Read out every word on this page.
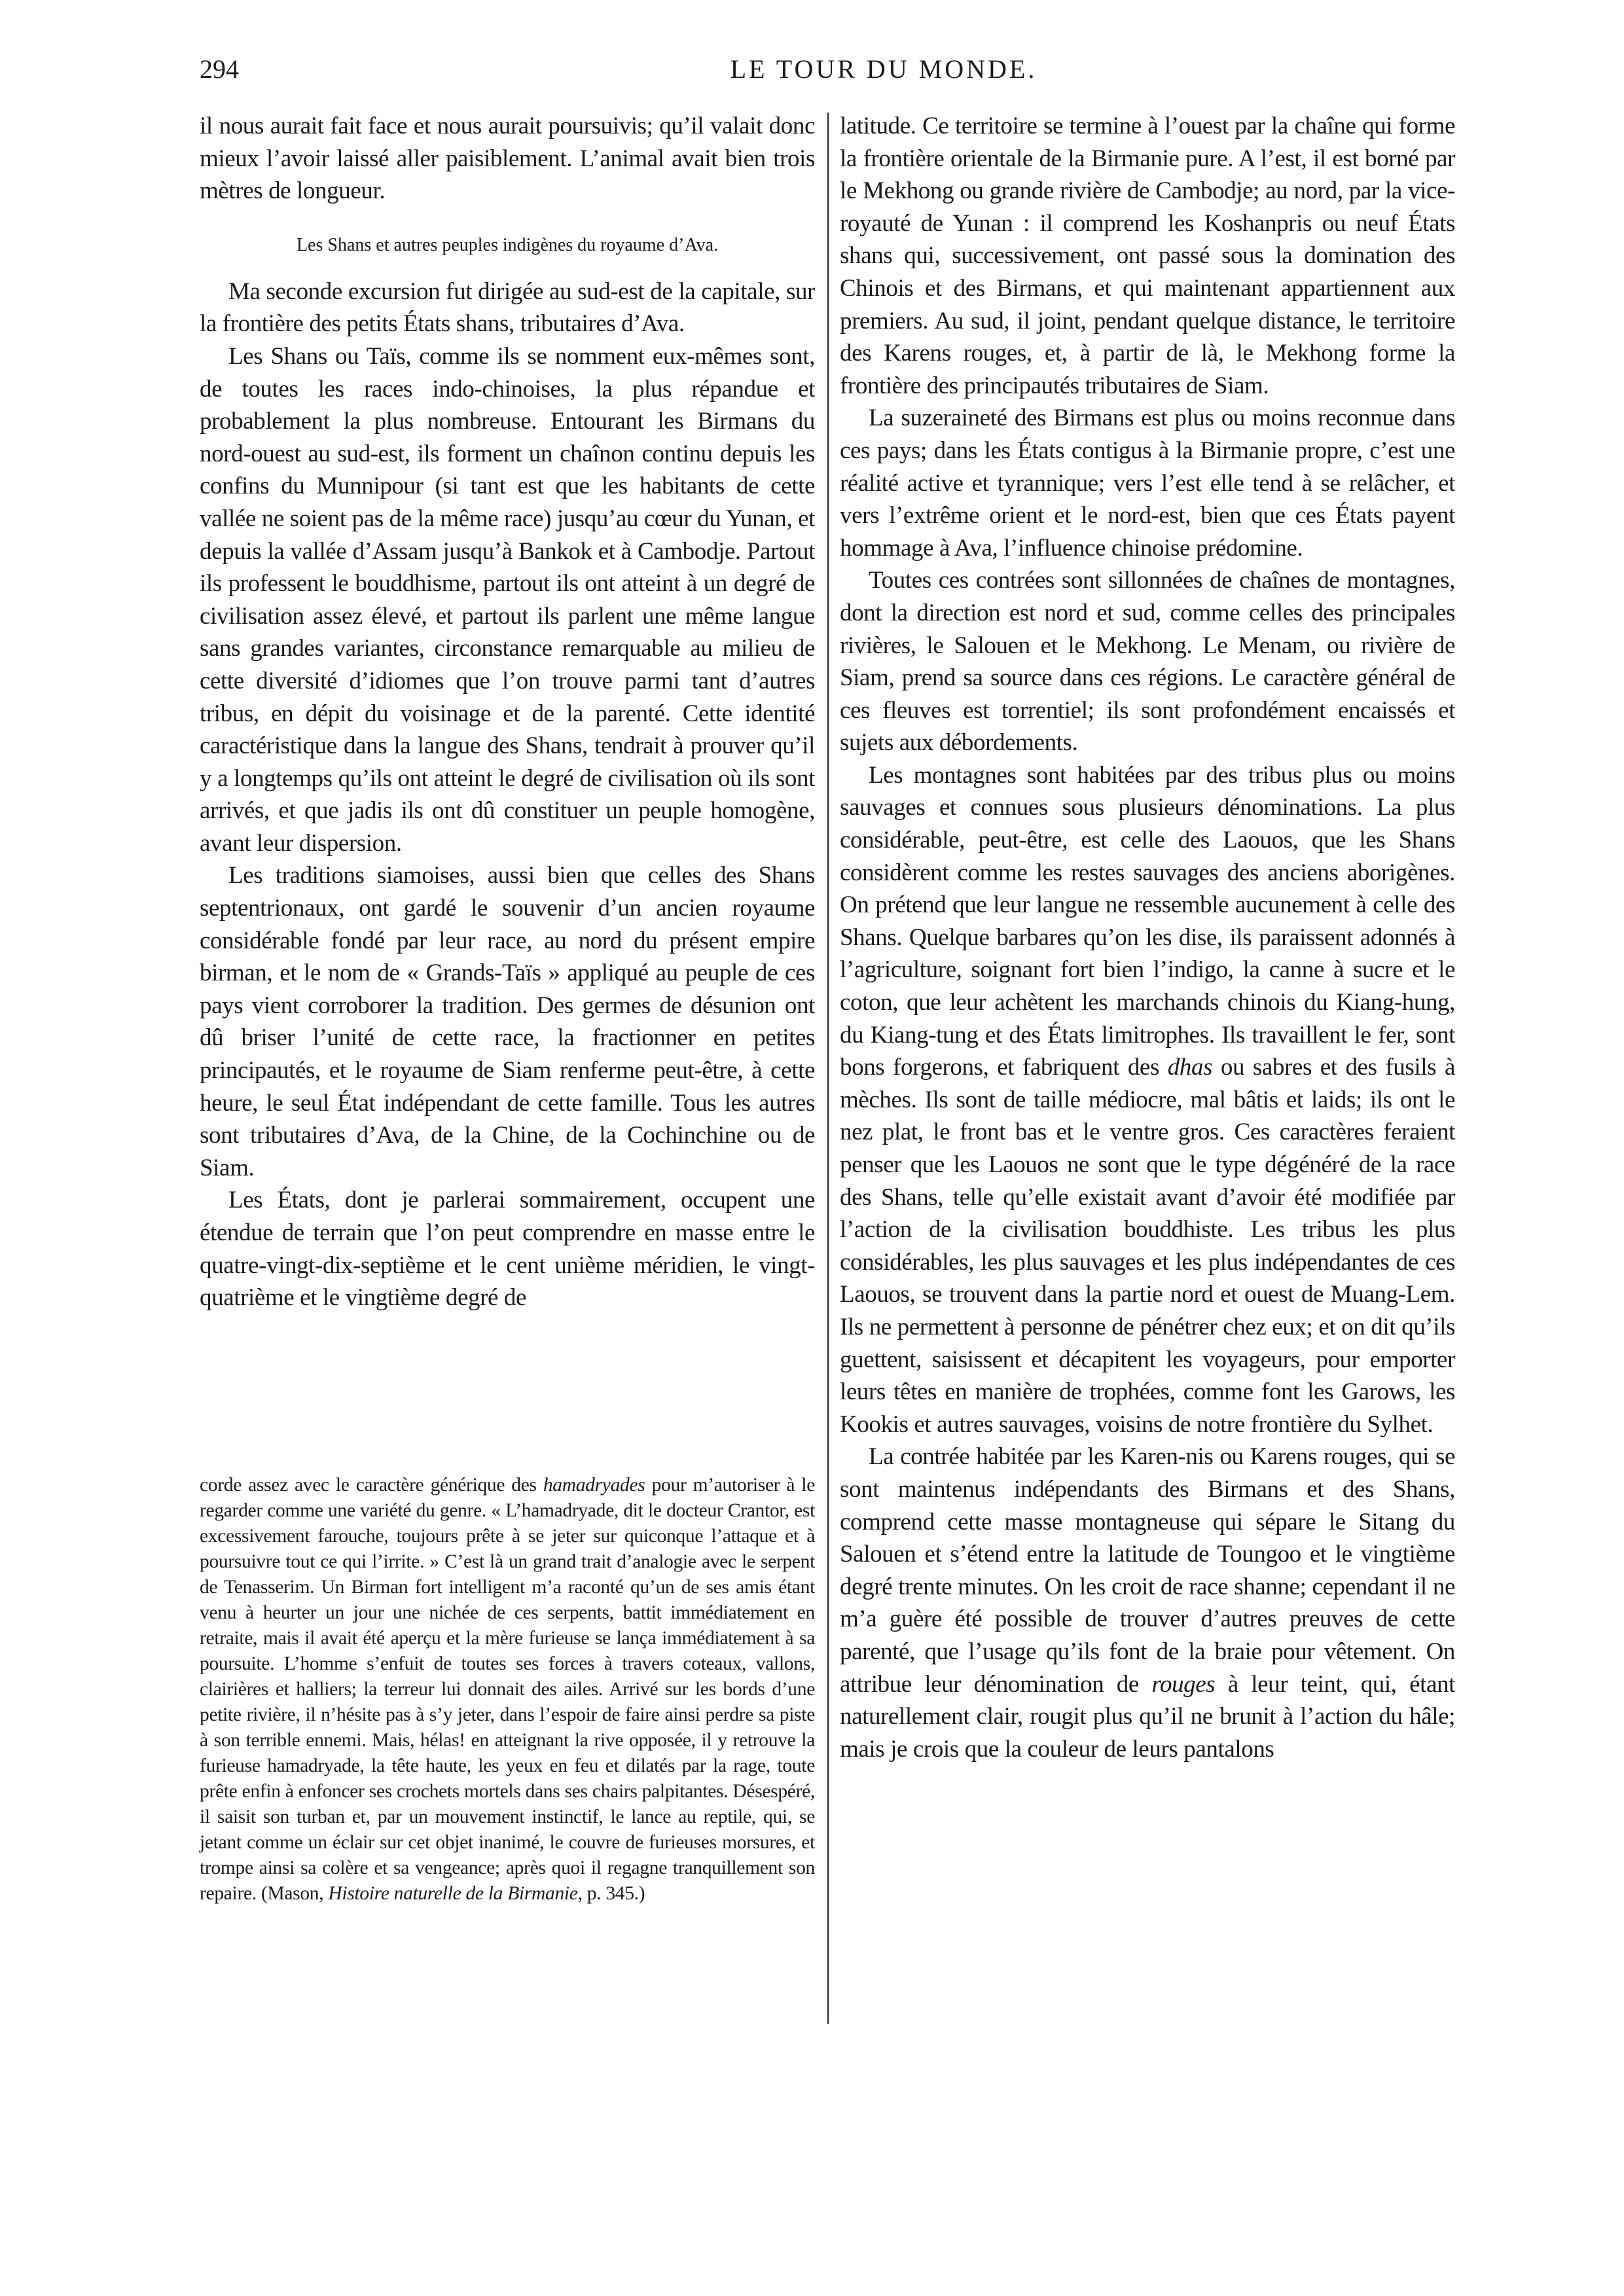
294	LE TOUR DU MONDE.

il nous aurait fait face et nous aurait poursuivis; qu’il valait donc mieux l’avoir laissé aller paisiblement. L’animal avait bien trois mètres de longueur.

Les Shans et autres peuples indigènes du royaume d’Ava.

Ma seconde excursion fut dirigée au sud-est de la capitale, sur la frontière des petits États shans, tributaires d’Ava.

Les Shans ou Taïs, comme ils se nomment eux-mêmes sont, de toutes les races indo-chinoises, la plus répandue et probablement la plus nombreuse. Entourant les Birmans du nord-ouest au sud-est, ils forment un chaînon continu depuis les confins du Munnipour (si tant est que les habitants de cette vallée ne soient pas de la même race) jusqu’au cœur du Yunan, et depuis la vallée d’Assam jusqu’à Bankok et à Cambodje. Partout ils professent le bouddhisme, partout ils ont atteint à un degré de civilisation assez élevé, et partout ils parlent une même langue sans grandes variantes, circonstance remarquable au milieu de cette diversité d’idiomes que l’on trouve parmi tant d’autres tribus, en dépit du voisinage et de la parenté. Cette identité caractéristique dans la langue des Shans, tendrait à prouver qu’il y a longtemps qu’ils ont atteint le degré de civilisation où ils sont arrivés, et que jadis ils ont dû constituer un peuple homogène, avant leur dispersion.

Les traditions siamoises, aussi bien que celles des Shans septentrionaux, ont gardé le souvenir d’un ancien royaume considérable fondé par leur race, au nord du présent empire birman, et le nom de « Grands-Taïs » appliqué au peuple de ces pays vient corroborer la tradition. Des germes de désunion ont dû briser l’unité de cette race, la fractionner en petites principautés, et le royaume de Siam renferme peut-être, à cette heure, le seul État indépendant de cette famille. Tous les autres sont tributaires d’Ava, de la Chine, de la Cochinchine ou de Siam.

Les États, dont je parlerai sommairement, occupent une étendue de terrain que l’on peut comprendre en masse entre le quatre-vingt-dix-septième et le cent unième méridien, le vingt-quatrième et le vingtième degré de

corde assez avec le caractère générique des hamadryades pour m’autoriser à le regarder comme une variété du genre. « L’hamadryade, dit le docteur Crantor, est excessivement farouche, toujours prête à se jeter sur quiconque l’attaque et à poursuivre tout ce qui l’irrite. » C’est là un grand trait d’analogie avec le serpent de Tenasserim. Un Birman fort intelligent m’a raconté qu’un de ses amis étant venu à heurter un jour une nichée de ces serpents, battit immédiatement en retraite, mais il avait été aperçu et la mère furieuse se lança immédiatement à sa poursuite. L’homme s’enfuit de toutes ses forces à travers coteaux, vallons, clairières et halliers; la terreur lui donnait des ailes. Arrivé sur les bords d’une petite rivière, il n’hésite pas à s’y jeter, dans l’espoir de faire ainsi perdre sa piste à son terrible ennemi. Mais, hélas! en atteignant la rive opposée, il y retrouve la furieuse hamadryade, la tête haute, les yeux en feu et dilatés par la rage, toute prête enfin à enfoncer ses crochets mortels dans ses chairs palpitantes. Désespéré, il saisit son turban et, par un mouvement instinctif, le lance au reptile, qui, se jetant comme un éclair sur cet objet inanimé, le couvre de furieuses morsures, et trompe ainsi sa colère et sa vengeance; après quoi il regagne tranquillement son repaire. (Mason, Histoire naturelle de la Birmanie, p. 345.)

latitude. Ce territoire se termine à l’ouest par la chaîne qui forme la frontière orientale de la Birmanie pure. A l’est, il est borné par le Mekhong ou grande rivière de Cambodje; au nord, par la vice-royauté de Yunan : il comprend les Koshanpris ou neuf États shans qui, successivement, ont passé sous la domination des Chinois et des Birmans, et qui maintenant appartiennent aux premiers. Au sud, il joint, pendant quelque distance, le territoire des Karens rouges, et, à partir de là, le Mekhong forme la frontière des principautés tributaires de Siam.

La suzeraineté des Birmans est plus ou moins reconnue dans ces pays; dans les États contigus à la Birmanie propre, c’est une réalité active et tyrannique; vers l’est elle tend à se relâcher, et vers l’extrême orient et le nord-est, bien que ces États payent hommage à Ava, l’influence chinoise prédomine.

Toutes ces contrées sont sillonnées de chaînes de montagnes, dont la direction est nord et sud, comme celles des principales rivières, le Salouen et le Mekhong. Le Menam, ou rivière de Siam, prend sa source dans ces régions. Le caractère général de ces fleuves est torrentiel; ils sont profondément encaissés et sujets aux débordements.

Les montagnes sont habitées par des tribus plus ou moins sauvages et connues sous plusieurs dénominations. La plus considérable, peut-être, est celle des Laouos, que les Shans considèrent comme les restes sauvages des anciens aborigènes. On prétend que leur langue ne ressemble aucunement à celle des Shans. Quelque barbares qu’on les dise, ils paraissent adonnés à l’agriculture, soignant fort bien l’indigo, la canne à sucre et le coton, que leur achètent les marchands chinois du Kiang-hung, du Kiang-tung et des États limitrophes. Ils travaillent le fer, sont bons forgerons, et fabriquent des dhas ou sabres et des fusils à mèches. Ils sont de taille médiocre, mal bâtis et laids; ils ont le nez plat, le front bas et le ventre gros. Ces caractères feraient penser que les Laouos ne sont que le type dégénéré de la race des Shans, telle qu’elle existait avant d’avoir été modifiée par l’action de la civilisation bouddhiste. Les tribus les plus considérables, les plus sauvages et les plus indépendantes de ces Laouos, se trouvent dans la partie nord et ouest de Muang-Lem. Ils ne permettent à personne de pénétrer chez eux; et on dit qu’ils guettent, saisissent et décapitent les voyageurs, pour emporter leurs têtes en manière de trophées, comme font les Garows, les Kookis et autres sauvages, voisins de notre frontière du Sylhet.

La contrée habitée par les Karen-nis ou Karens rouges, qui se sont maintenus indépendants des Birmans et des Shans, comprend cette masse montagneuse qui sépare le Sitang du Salouen et s’étend entre la latitude de Toungoo et le vingtième degré trente minutes. On les croit de race shanne; cependant il ne m’a guère été possible de trouver d’autres preuves de cette parenté, que l’usage qu’ils font de la braie pour vêtement. On attribue leur dénomination de rouges à leur teint, qui, étant naturellement clair, rougit plus qu’il ne brunit à l’action du hâle; mais je crois que la couleur de leurs pantalons
